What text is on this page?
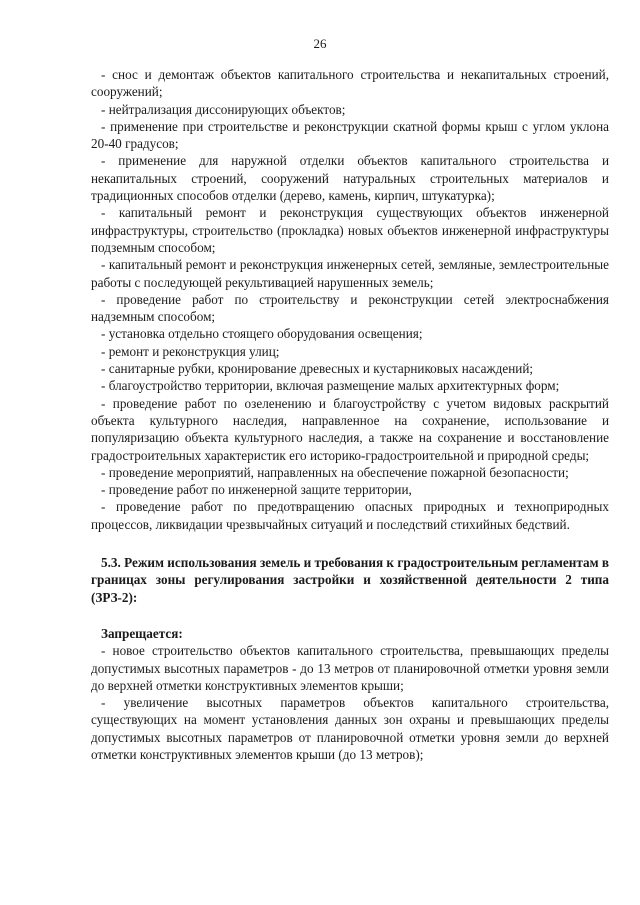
26

- снос и демонтаж объектов капитального строительства и некапитальных строений, сооружений;

- нейтрализация диссонирующих объектов;

- применение при строительстве и реконструкции скатной формы крыш с углом уклона 20-40 градусов;

- применение для наружной отделки объектов капитального строительства и некапитальных строений, сооружений натуральных строительных материалов и традиционных способов отделки (дерево, камень, кирпич, штукатурка);

- капитальный ремонт и реконструкция существующих объектов инженерной инфраструктуры, строительство (прокладка) новых объектов инженерной инфраструктуры подземным способом;

- капитальный ремонт и реконструкция инженерных сетей, земляные, землестроительные работы с последующей рекультивацией нарушенных земель;

- проведение работ по строительству и реконструкции сетей электроснабжения надземным способом;

- установка отдельно стоящего оборудования освещения;

- ремонт и реконструкция улиц;

- санитарные рубки, кронирование древесных и кустарниковых насаждений;

- благоустройство территории, включая размещение малых архитектурных форм;

- проведение работ по озеленению и благоустройству с учетом видовых раскрытий объекта культурного наследия, направленное на сохранение, использование и популяризацию объекта культурного наследия, а также на сохранение и восстановление градостроительных характеристик его историко-градостроительной и природной среды;

- проведение мероприятий, направленных на обеспечение пожарной безопасности;

- проведение работ по инженерной защите территории,

- проведение работ по предотвращению опасных природных и техноприродных процессов, ликвидации чрезвычайных ситуаций и последствий стихийных бедствий.

5.3. Режим использования земель и требования к градостроительным регламентам в границах зоны регулирования застройки и хозяйственной деятельности 2 типа (ЗРЗ-2):

Запрещается:

- новое строительство объектов капитального строительства, превышающих пределы допустимых высотных параметров - до 13 метров от планировочной отметки уровня земли до верхней отметки конструктивных элементов крыши;

- увеличение высотных параметров объектов капитального строительства, существующих на момент установления данных зон охраны и превышающих пределы допустимых высотных параметров от планировочной отметки уровня земли до верхней отметки конструктивных элементов крыши (до 13 метров);
